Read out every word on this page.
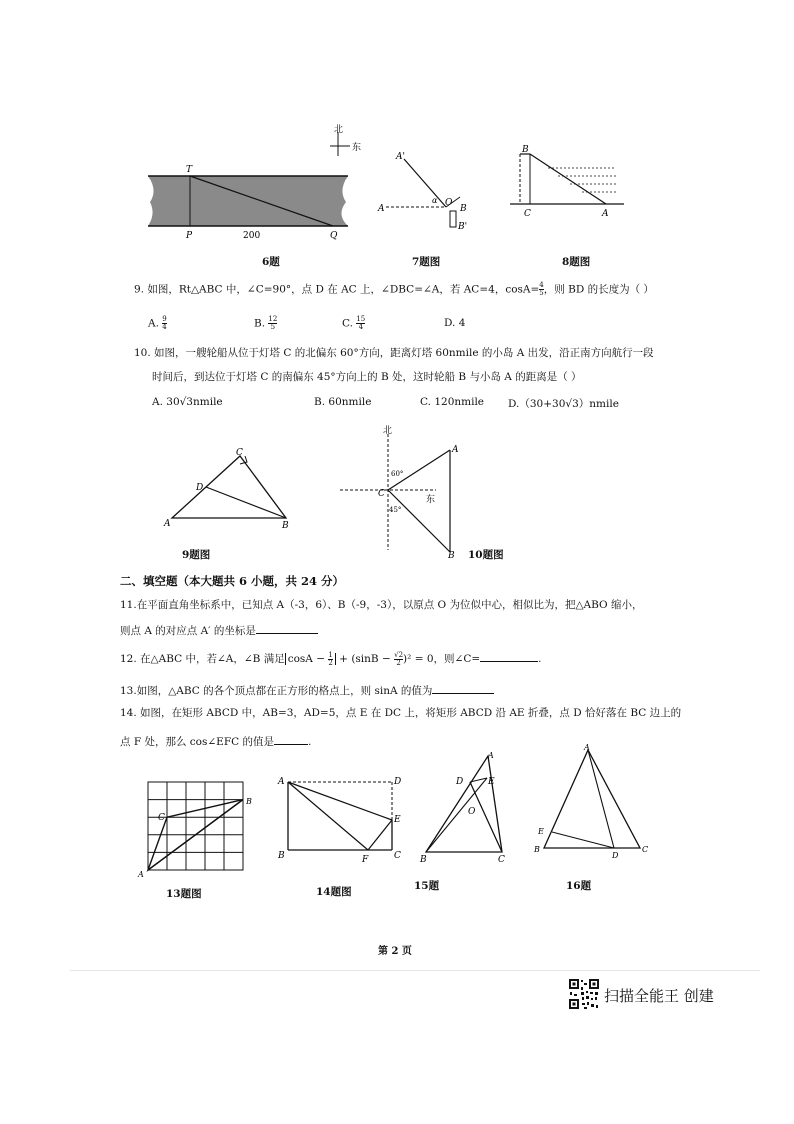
T
P	Q
200
北
东
6题
A'
A
α O
B
B'
7题图
B
C	A
8题图
9. 如图，Rt△ABC 中，∠C=90°，点 D 在 AC 上，∠DBC=∠A，若 AC=4，$\cos A= \frac{4}{5}$ ，则 BD 的长度为（ ）
A. $\frac{9}{4}$	B. $\frac{12}{5}$	C. $\frac{15}{4}$	D. 4
10. 如图，一艘轮船从位于灯塔 C 的北偏东 60°方向，距离灯塔 60nmile 的小岛 A 出发，沿正南方向航行一段
时间后，到达位于灯塔 C 的南偏东 45°方向上的 B 处，这时轮船 B 与小岛 A 的距离是（ ）
A. 30√3nmile	B. 60nmile	C. 120nmile D.（30+30√3）nmile
C
D
A	B
9题图
北
A
60°
C
东
45°
B 10题图
二、填空题（本大题共 6 小题，共 24 分）
11.在平面直角坐标系中，已知点 A（-3，6）、B（-9，-3），以原点 O 为位似中心，相似比为，把△ABO 缩小，
则点 A 的对应点 A′ 的坐标是
12. 在△ABC 中，若∠A，∠B 满足 $\cos A - \frac{1}{2} + (\sin B - \frac{√2}{2} )^2 = 0$，则∠C=	.
13.如图，△ABC 的各个顶点都在正方形的格点上，则 sinA 的值为
14. 如图，在矩形 ABCD 中，AB=3，AD=5，点 E 在 DC 上，将矩形 ABCD 沿 AE 折叠，点 D 恰好落在 BC 边上的
点 F 处，那么 cos∠EFC 的值是	.
B
C
A
13题图
A	D
E
B	F	C
14题图
A
D	E
O
B	C
15题
A
E
B
D
C
16题
第 2 页
扫描全能王 创建
